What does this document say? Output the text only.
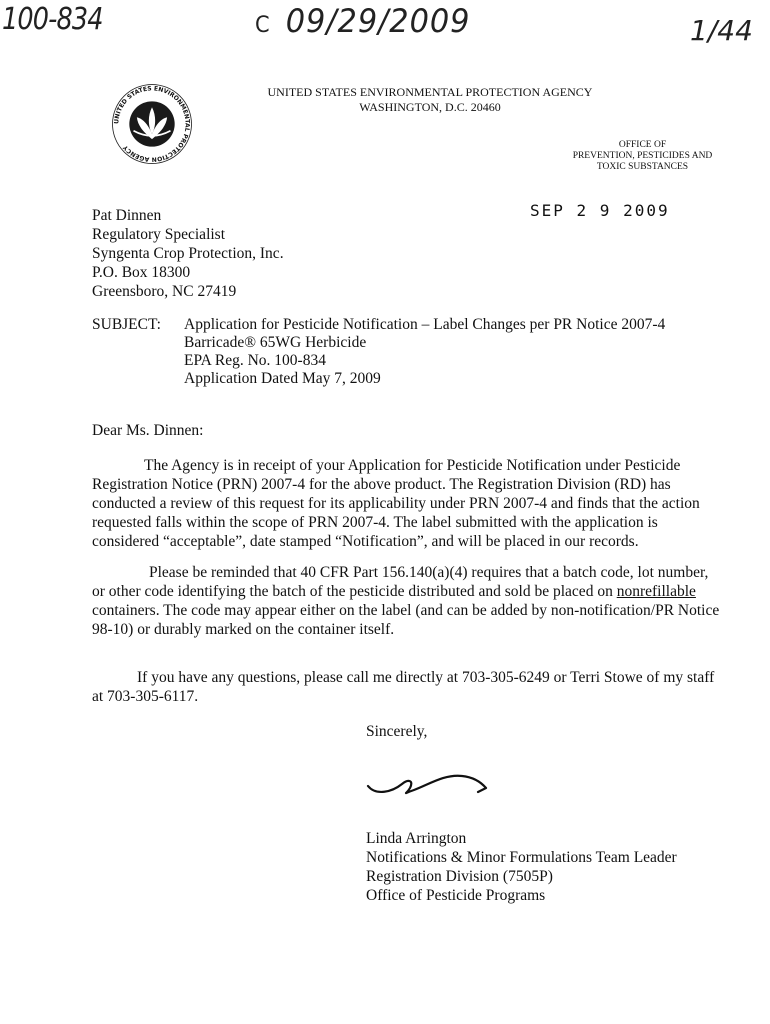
100-834	C 09/29/2009	1/44
UNITED STATES ENVIRONMENTAL PROTECTION AGENCY
UNITED STATES ENVIRONMENTAL PROTECTION AGENCY
WASHINGTON, D.C. 20460
OFFICE OF
PREVENTION, PESTICIDES AND
TOXIC SUBSTANCES
SEP 2 9 2009
Pat Dinnen
Regulatory Specialist
Syngenta Crop Protection, Inc.
P.O. Box 18300
Greensboro, NC 27419
SUBJECT: Application for Pesticide Notification – Label Changes per PR Notice 2007-4
Barricade® 65WG Herbicide
EPA Reg. No. 100-834
Application Dated May 7, 2009
Dear Ms. Dinnen:
The Agency is in receipt of your Application for Pesticide Notification under Pesticide Registration Notice (PRN) 2007-4 for the above product. The Registration Division (RD) has conducted a review of this request for its applicability under PRN 2007-4 and finds that the action requested falls within the scope of PRN 2007-4. The label submitted with the application is considered “acceptable”, date stamped “Notification”, and will be placed in our records.
Please be reminded that 40 CFR Part 156.140(a)(4) requires that a batch code, lot number, or other code identifying the batch of the pesticide distributed and sold be placed on nonrefillable containers. The code may appear either on the label (and can be added by non-notification/PR Notice 98-10) or durably marked on the container itself.
If you have any questions, please call me directly at 703-305-6249 or Terri Stowe of my staff at 703-305-6117.
Sincerely,
Linda Arrington
Notifications & Minor Formulations Team Leader
Registration Division (7505P)
Office of Pesticide Programs
